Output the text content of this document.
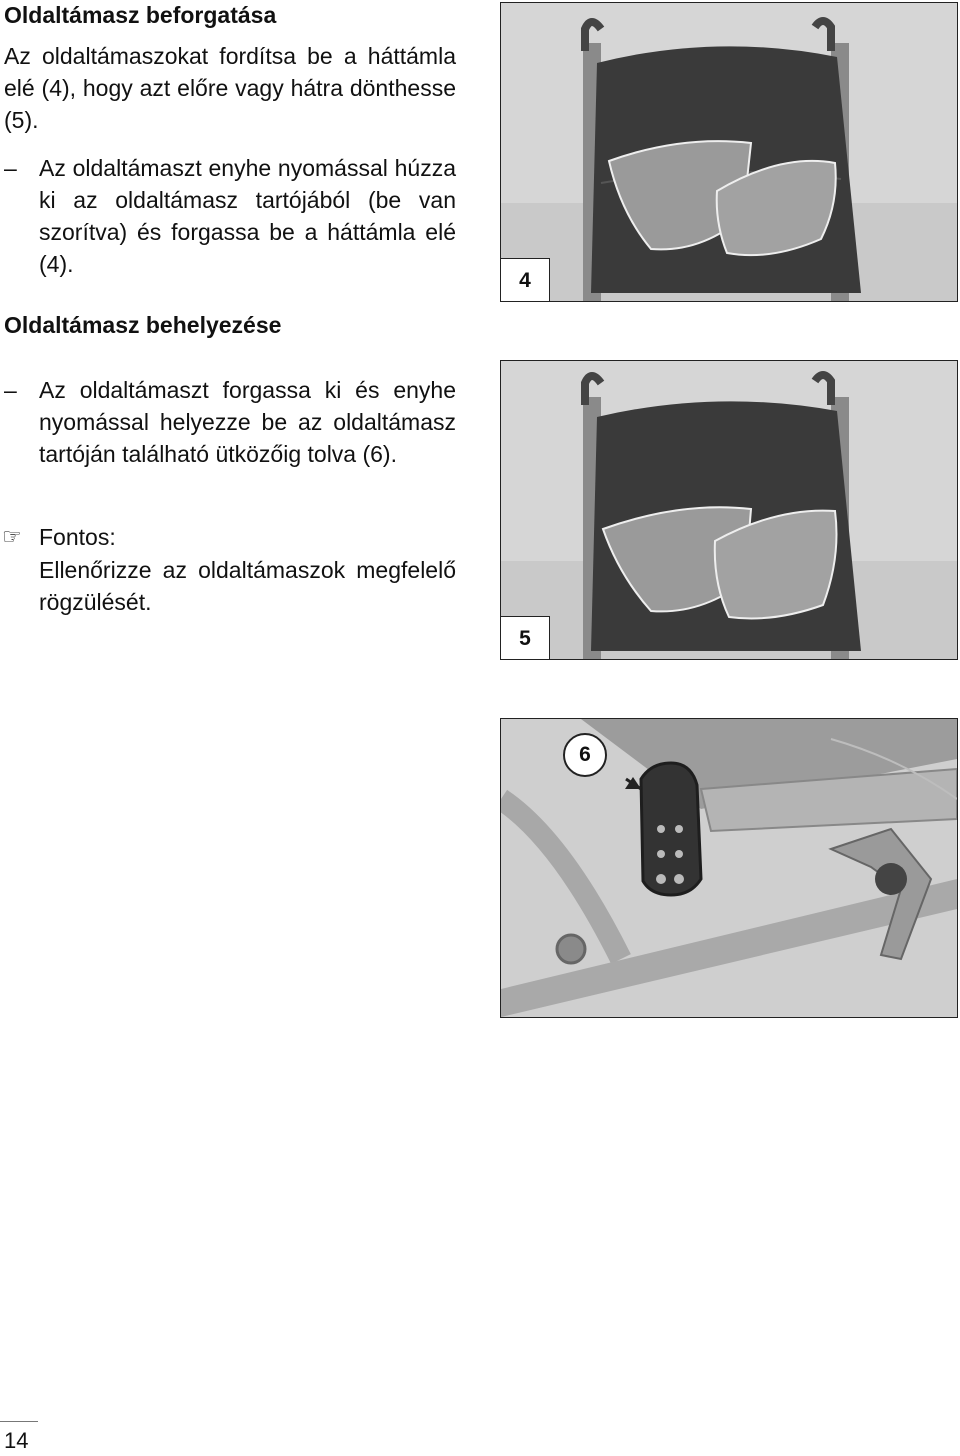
Oldaltámasz beforgatása

Az oldaltámaszokat fordítsa be a háttámla elé (4), hogy azt előre vagy hátra dönthesse (5).

– Az oldaltámaszt enyhe nyomással húzza ki az oldaltámasz tartójából (be van szorítva) és forgassa be a háttámla elé (4).

Oldaltámasz behelyezése
– Az oldaltámaszt forgassa ki és enyhe nyomással helyezze be az oldaltámasz tartóján található ütközőig tolva (6).

☞ Fontos:

Ellenőrizze az oldaltámaszok megfelelő rögzülését.

4
5
6
14
